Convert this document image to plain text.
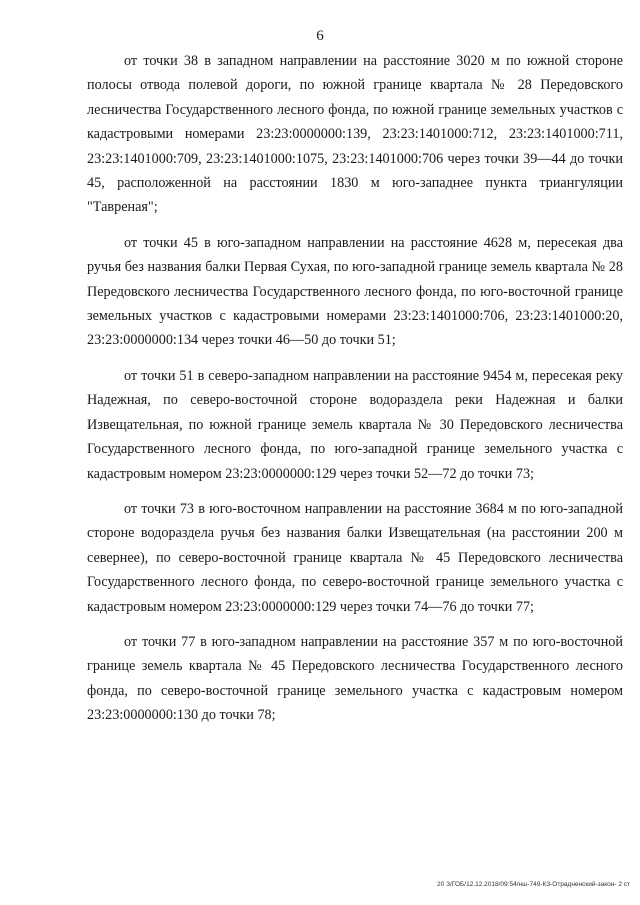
6

от точки 38 в западном направлении на расстояние 3020 м по южной стороне полосы отвода полевой дороги, по южной границе квартала № 28 Передовского лесничества Государственного лесного фонда, по южной границе земельных участков с кадастровыми номерами 23:23:0000000:139, 23:23:1401000:712, 23:23:1401000:711, 23:23:1401000:709, 23:23:1401000:1075, 23:23:1401000:706 через точки 39—44 до точки 45, расположенной на расстоянии 1830 м юго-западнее пункта триангуляции "Тавреная";

от точки 45 в юго-западном направлении на расстояние 4628 м, пересекая два ручья без названия балки Первая Сухая, по юго-западной границе земель квартала № 28 Передовского лесничества Государственного лесного фонда, по юго-восточной границе земельных участков с кадастровыми номерами 23:23:1401000:706, 23:23:1401000:20, 23:23:0000000:134 через точки 46—50 до точки 51;

от точки 51 в северо-западном направлении на расстояние 9454 м, пересекая реку Надежная, по северо-восточной стороне водораздела реки Надежная и балки Извещательная, по южной границе земель квартала № 30 Передовского лесничества Государственного лесного фонда, по юго-западной границе земельного участка с кадастровым номером 23:23:0000000:129 через точки 52—72 до точки 73;

от точки 73 в юго-восточном направлении на расстояние 3684 м по юго-западной стороне водораздела ручья без названия балки Извещательная (на расстоянии 200 м севернее), по северо-восточной границе квартала № 45 Передовского лесничества Государственного лесного фонда, по северо-восточной границе земельного участка с кадастровым номером 23:23:0000000:129 через точки 74—76 до точки 77;

от точки 77 в юго-западном направлении на расстояние 357 м по юго-восточной границе земель квартала № 45 Передовского лесничества Государственного лесного фонда, по северо-восточной границе земельного участка с кадастровым номером 23:23:0000000:130 до точки 78;

20 З/ГОБ/12.12.2018/09:54/нш-749-КЗ-Отрадненский-закон- 2 ст
